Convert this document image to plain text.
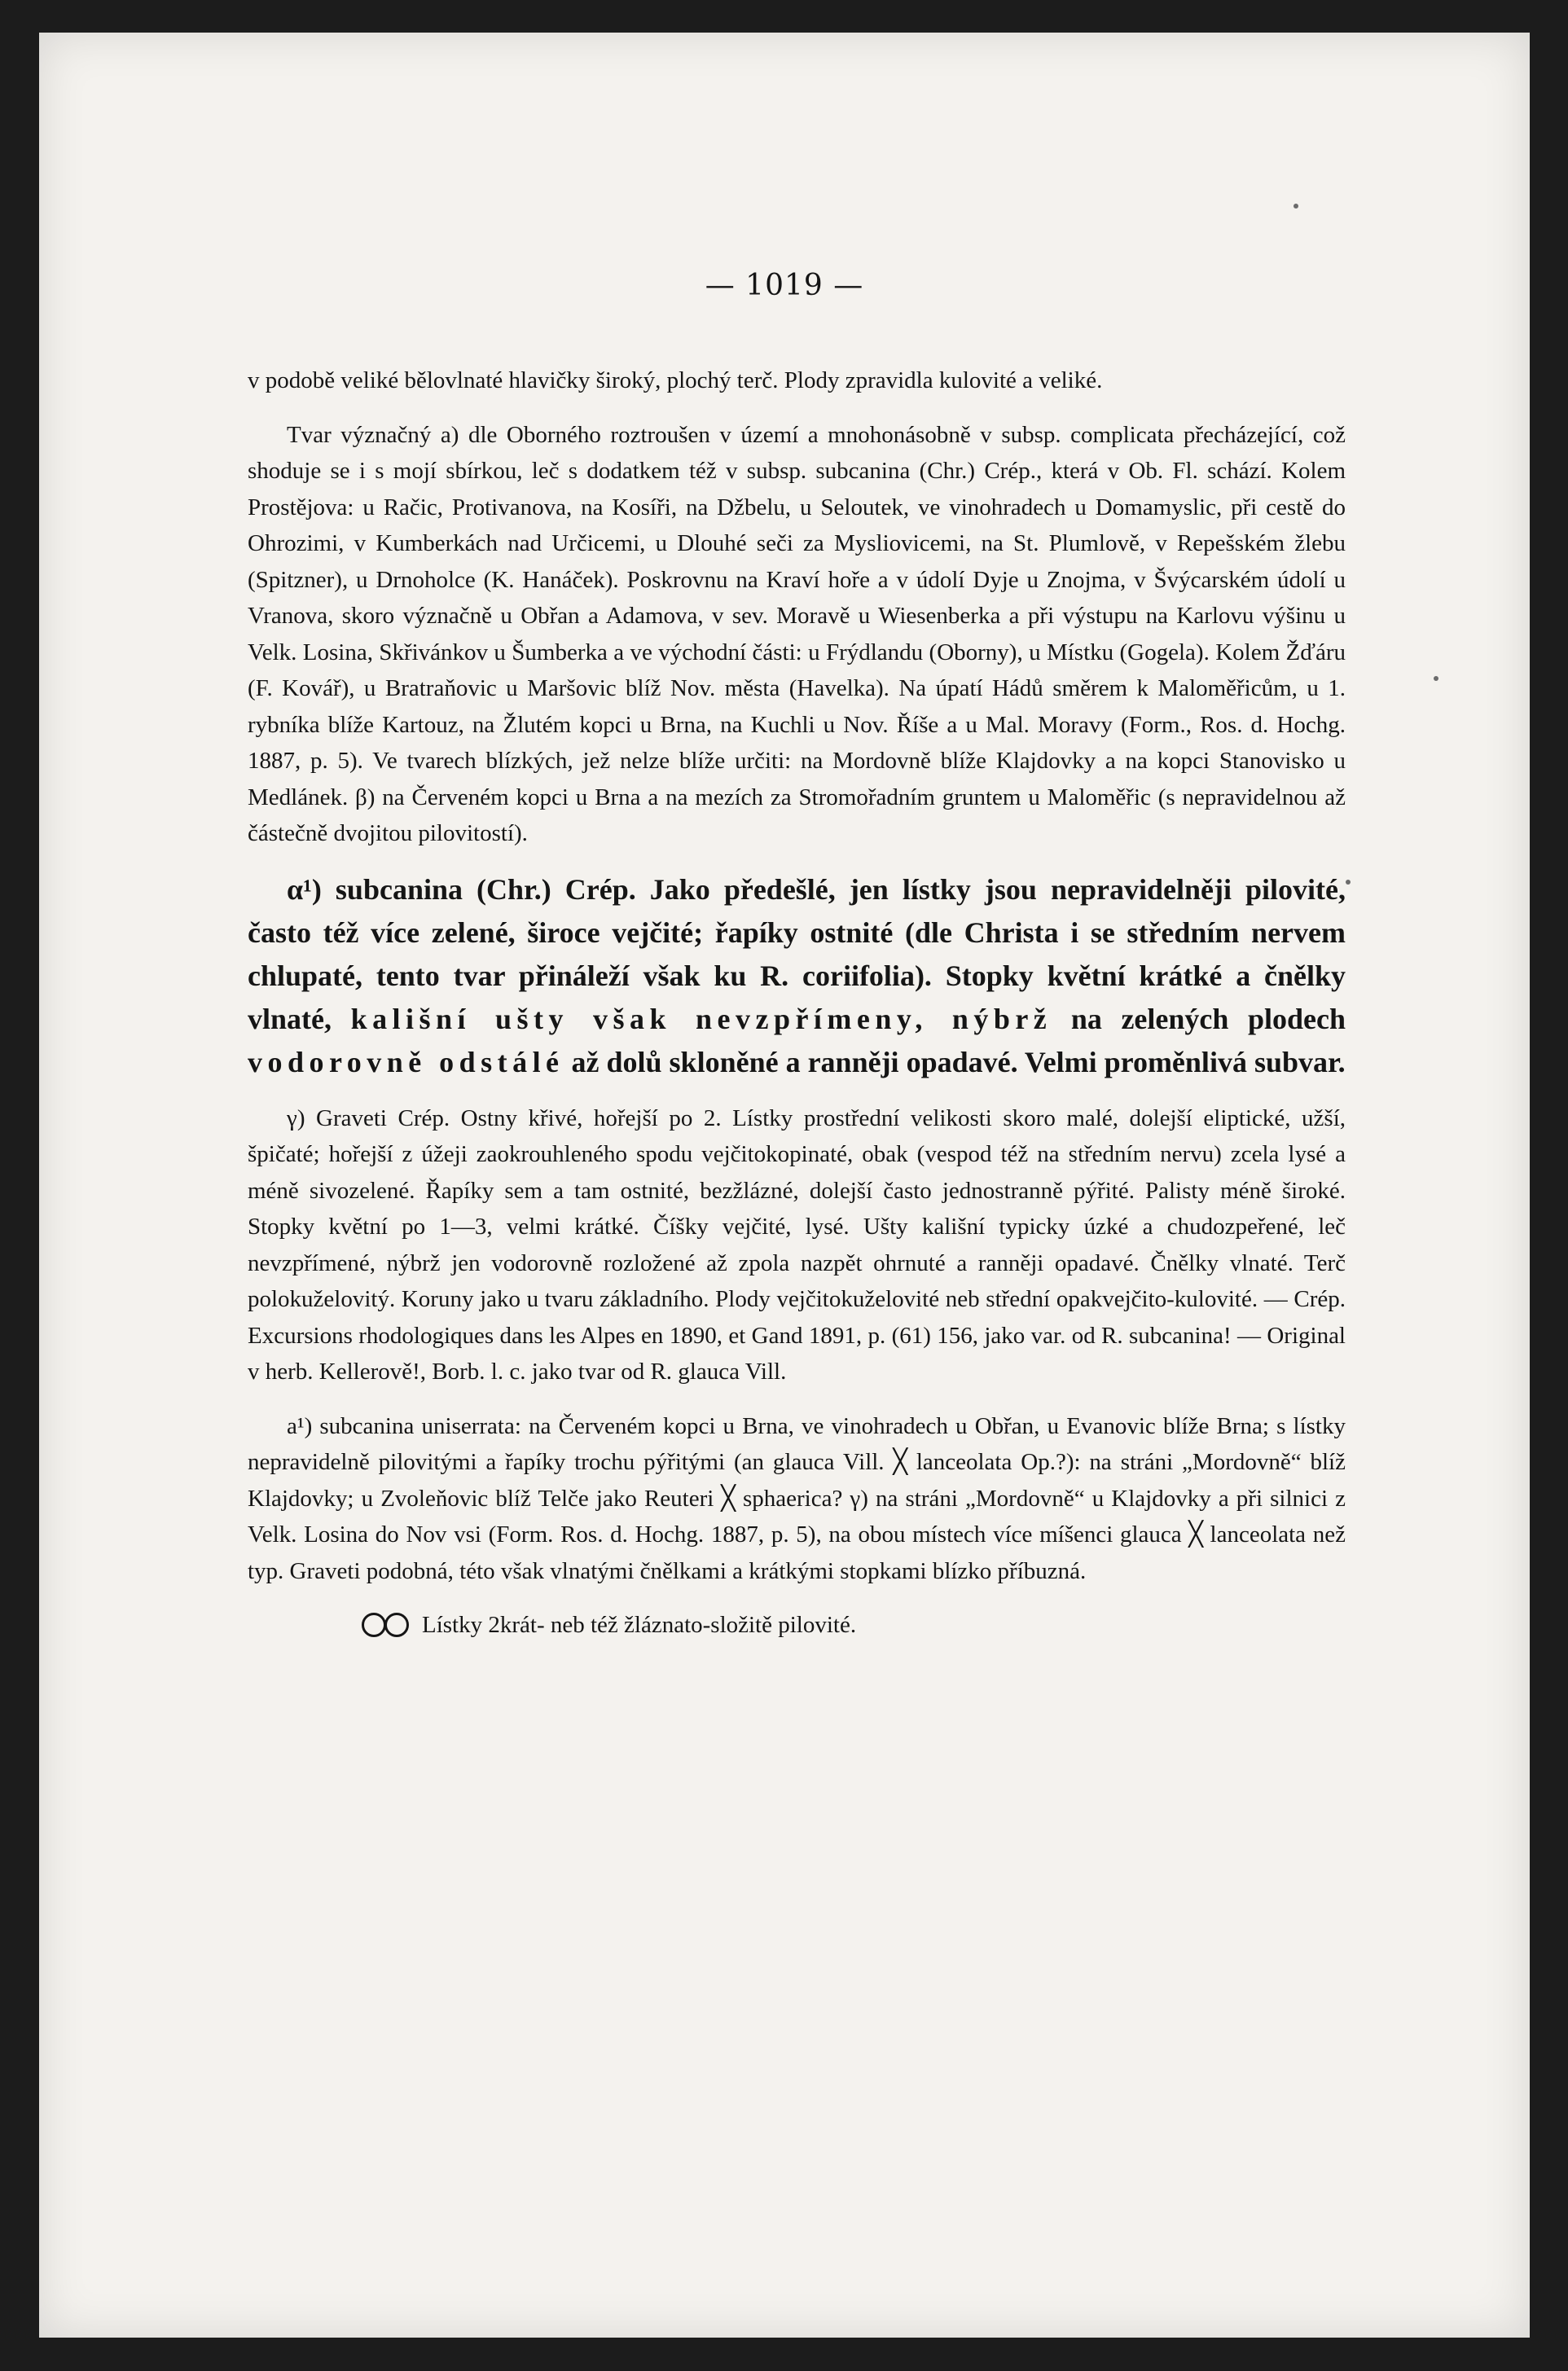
— 1019 —

v podobě veliké bělovlnaté hlavičky široký, plochý terč. Plody zpravidla kulovité a veliké.

Tvar význačný a) dle Oborného roztroušen v území a mnohonásobně v subsp. complicata přecházející, což shoduje se i s mojí sbírkou, leč s dodatkem též v subsp. subcanina (Chr.) Crép., která v Ob. Fl. schází. Kolem Prostějova: u Račic, Protivanova, na Kosíři, na Džbelu, u Seloutek, ve vinohradech u Domamyslic, při cestě do Ohrozimi, v Kumberkách nad Určicemi, u Dlouhé seči za Mysliovicemi, na St. Plumlově, v Repešském žlebu (Spitzner), u Drnoholce (K. Hanáček). Poskrovnu na Kraví hoře a v údolí Dyje u Znojma, v Švýcarském údolí u Vranova, skoro význačně u Obřan a Adamova, v sev. Moravě u Wiesenberka a při výstupu na Karlovu výšinu u Velk. Losina, Skřivánkov u Šumberka a ve východní části: u Frýdlandu (Oborny), u Místku (Gogela). Kolem Žďáru (F. Kovář), u Bratraňovic u Maršovic blíž Nov. města (Havelka). Na úpatí Hádů směrem k Maloměřicům, u 1. rybníka blíže Kartouz, na Žlutém kopci u Brna, na Kuchli u Nov. Říše a u Mal. Moravy (Form., Ros. d. Hochg. 1887, p. 5). Ve tvarech blízkých, jež nelze blíže určiti: na Mordovně blíže Klajdovky a na kopci Stanovisko u Medlánek. β) na Červeném kopci u Brna a na mezích za Stromořadním gruntem u Maloměřic (s nepravidelnou až částečně dvojitou pilovitostí).

α¹) subcanina (Chr.) Crép. Jako předešlé, jen lístky jsou nepravidelněji pilovité, často též více zelené, široce vejčité; řapíky ostnité (dle Christa i se středním nervem chlupaté, tento tvar přináleží však ku R. coriifolia). Stopky květní krátké a čnělky vlnaté, kališní ušty však nevzpřímeny, nýbrž na zelených plodech vodorovně odstálé až dolů skloněné a ranněji opadavé. Velmi proměnlivá subvar.

γ) Graveti Crép. Ostny křivé, hořejší po 2. Lístky prostřední velikosti skoro malé, dolejší eliptické, užší, špičaté; hořejší z úžeji zaokrouhleného spodu vejčitokopinaté, obak (vespod též na středním nervu) zcela lysé a méně sivozelené. Řapíky sem a tam ostnité, bezžlázné, dolejší často jednostranně pýřité. Palisty méně široké. Stopky květní po 1—3, velmi krátké. Číšky vejčité, lysé. Ušty kališní typicky úzké a chudozpeřené, leč nevzpřímené, nýbrž jen vodorovně rozložené až zpola nazpět ohrnuté a ranněji opadavé. Čnělky vlnaté. Terč polokuželovitý. Koruny jako u tvaru základního. Plody vejčitokuželovité neb střední opakvejčito-kulovité. — Crép. Excursions rhodologiques dans les Alpes en 1890, et Gand 1891, p. (61) 156, jako var. od R. subcanina! — Original v herb. Kellerově!, Borb. l. c. jako tvar od R. glauca Vill.

a¹) subcanina uniserrata: na Červeném kopci u Brna, ve vinohradech u Obřan, u Evanovic blíže Brna; s lístky nepravidelně pilovitými a řapíky trochu pýřitými (an glauca Vill. ╳ lanceolata Op.?): na stráni „Mordovně“ blíž Klajdovky; u Zvoleňovic blíž Telče jako Reuteri ╳ sphaerica? γ) na stráni „Mordovně“ u Klajdovky a při silnici z Velk. Losina do Nov vsi (Form. Ros. d. Hochg. 1887, p. 5), na obou místech více míšenci glauca ╳ lanceolata než typ. Graveti podobná, této však vlnatými čnělkami a krátkými stopkami blízko příbuzná.

Lístky 2krát- neb též žláznato-složitě pilovité.
